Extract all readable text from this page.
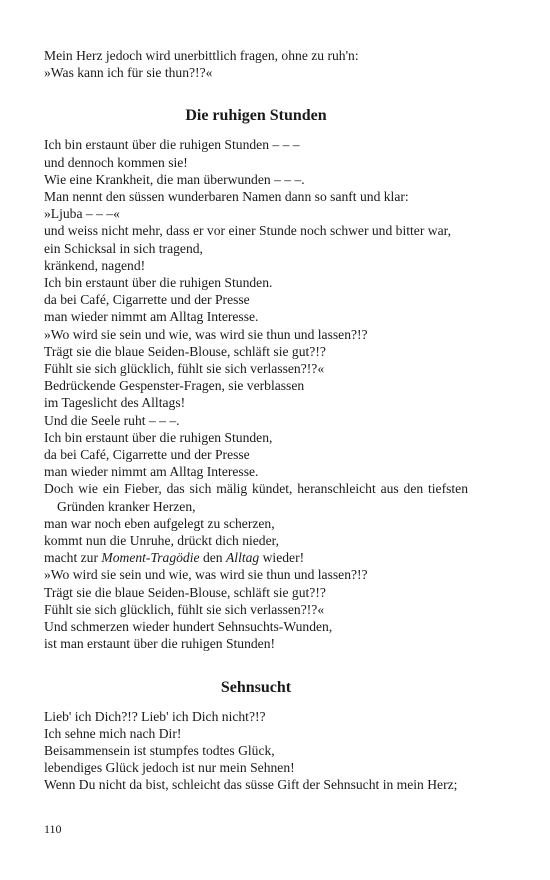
Mein Herz jedoch wird unerbittlich fragen, ohne zu ruh'n:
»Was kann ich für sie thun?!?«
Die ruhigen Stunden
Ich bin erstaunt über die ruhigen Stunden – – –
und dennoch kommen sie!
Wie eine Krankheit, die man überwunden – – –.
Man nennt den süssen wunderbaren Namen dann so sanft und klar:
»Ljuba – – –«
und weiss nicht mehr, dass er vor einer Stunde noch schwer und bitter war,
ein Schicksal in sich tragend,
kränkend, nagend!
Ich bin erstaunt über die ruhigen Stunden.
da bei Café, Cigarrette und der Presse
man wieder nimmt am Alltag Interesse.
»Wo wird sie sein und wie, was wird sie thun und lassen?!?
Trägt sie die blaue Seiden-Blouse, schläft sie gut?!?
Fühlt sie sich glücklich, fühlt sie sich verlassen?!?«
Bedrückende Gespenster-Fragen, sie verblassen
im Tageslicht des Alltags!
Und die Seele ruht – – –.
Ich bin erstaunt über die ruhigen Stunden,
da bei Café, Cigarrette und der Presse
man wieder nimmt am Alltag Interesse.
Doch wie ein Fieber, das sich mälig kündet, heranschleicht aus den tiefsten Gründen kranker Herzen,
man war noch eben aufgelegt zu scherzen,
kommt nun die Unruhe, drückt dich nieder,
macht zur Moment-Tragödie den Alltag wieder!
»Wo wird sie sein und wie, was wird sie thun und lassen?!?
Trägt sie die blaue Seiden-Blouse, schläft sie gut?!?
Fühlt sie sich glücklich, fühlt sie sich verlassen?!?«
Und schmerzen wieder hundert Sehnsuchts-Wunden,
ist man erstaunt über die ruhigen Stunden!
Sehnsucht
Lieb' ich Dich?!? Lieb' ich Dich nicht?!?
Ich sehne mich nach Dir!
Beisammensein ist stumpfes todtes Glück,
lebendiges Glück jedoch ist nur mein Sehnen!
Wenn Du nicht da bist, schleicht das süsse Gift der Sehnsucht in mein Herz;
110
